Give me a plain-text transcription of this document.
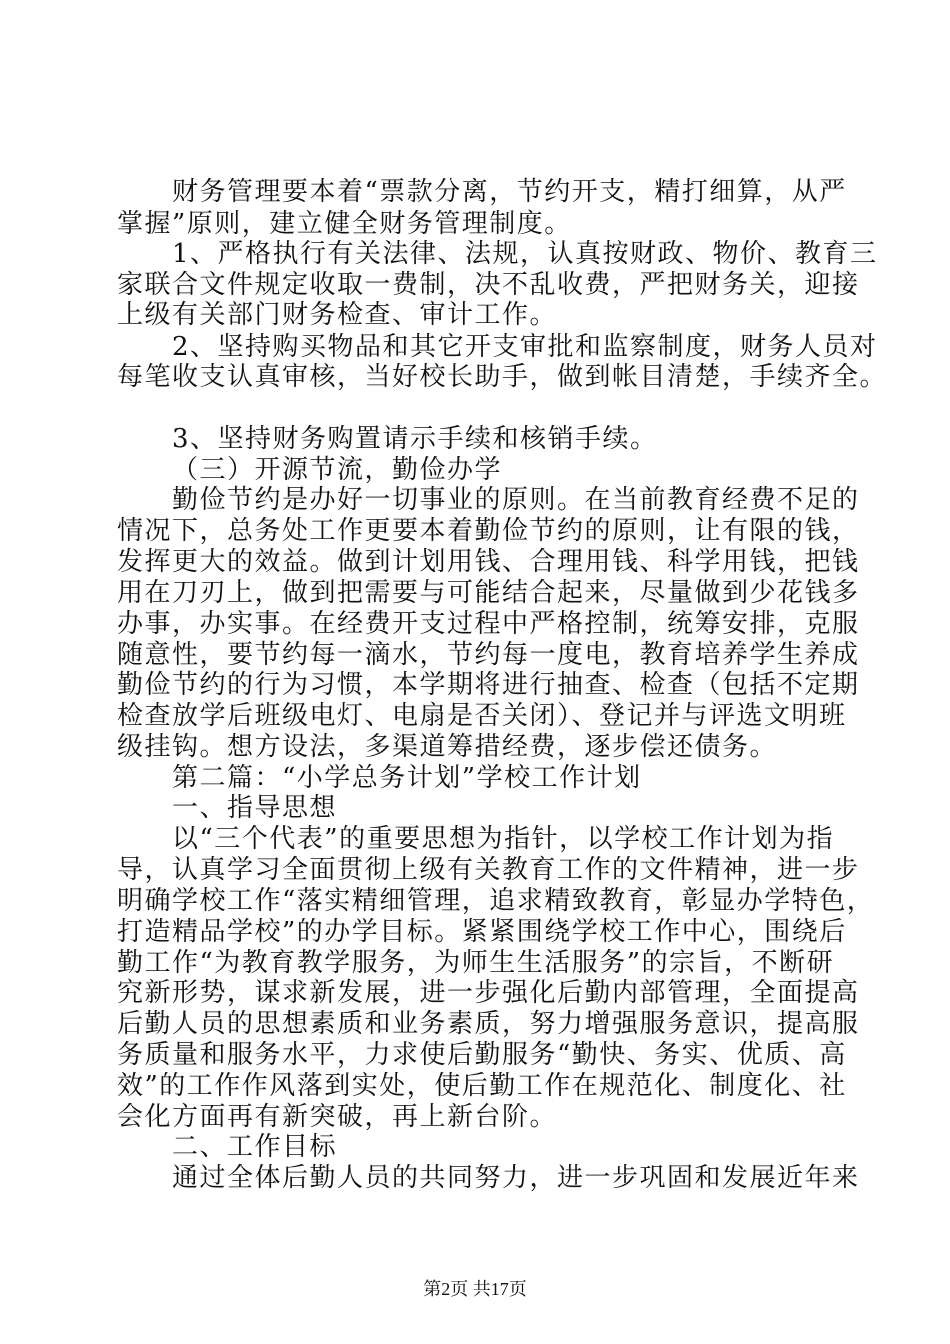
财务管理要本着“票款分离，节约开支，精打细算，从严
掌握”原则，建立健全财务管理制度。
1、严格执行有关法律、法规，认真按财政、物价、教育三
家联合文件规定收取一费制，决不乱收费，严把财务关，迎接
上级有关部门财务检查、审计工作。
2、坚持购买物品和其它开支审批和监察制度，财务人员对
每笔收支认真审核，当好校长助手，做到帐目清楚，手续齐全。
3、坚持财务购置请示手续和核销手续。
（三）开源节流，勤俭办学
勤俭节约是办好一切事业的原则。在当前教育经费不足的
情况下，总务处工作更要本着勤俭节约的原则，让有限的钱，
发挥更大的效益。做到计划用钱、合理用钱、科学用钱，把钱
用在刀刃上，做到把需要与可能结合起来，尽量做到少花钱多
办事，办实事。在经费开支过程中严格控制，统筹安排，克服
随意性，要节约每一滴水，节约每一度电，教育培养学生养成
勤俭节约的行为习惯，本学期将进行抽查、检查（包括不定期
检查放学后班级电灯、电扇是否关闭）、登记并与评选文明班
级挂钩。想方设法，多渠道筹措经费，逐步偿还债务。
第二篇：“小学总务计划”学校工作计划
一、指导思想
以“三个代表”的重要思想为指针，以学校工作计划为指
导，认真学习全面贯彻上级有关教育工作的文件精神，进一步
明确学校工作“落实精细管理，追求精致教育，彰显办学特色，
打造精品学校”的办学目标。紧紧围绕学校工作中心，围绕后
勤工作“为教育教学服务，为师生生活服务”的宗旨，不断研
究新形势，谋求新发展，进一步强化后勤内部管理，全面提高
后勤人员的思想素质和业务素质，努力增强服务意识，提高服
务质量和服务水平，力求使后勤服务“勤快、务实、优质、高
效”的工作作风落到实处，使后勤工作在规范化、制度化、社
会化方面再有新突破，再上新台阶。
二、工作目标
通过全体后勤人员的共同努力，进一步巩固和发展近年来
第2页 共17页
